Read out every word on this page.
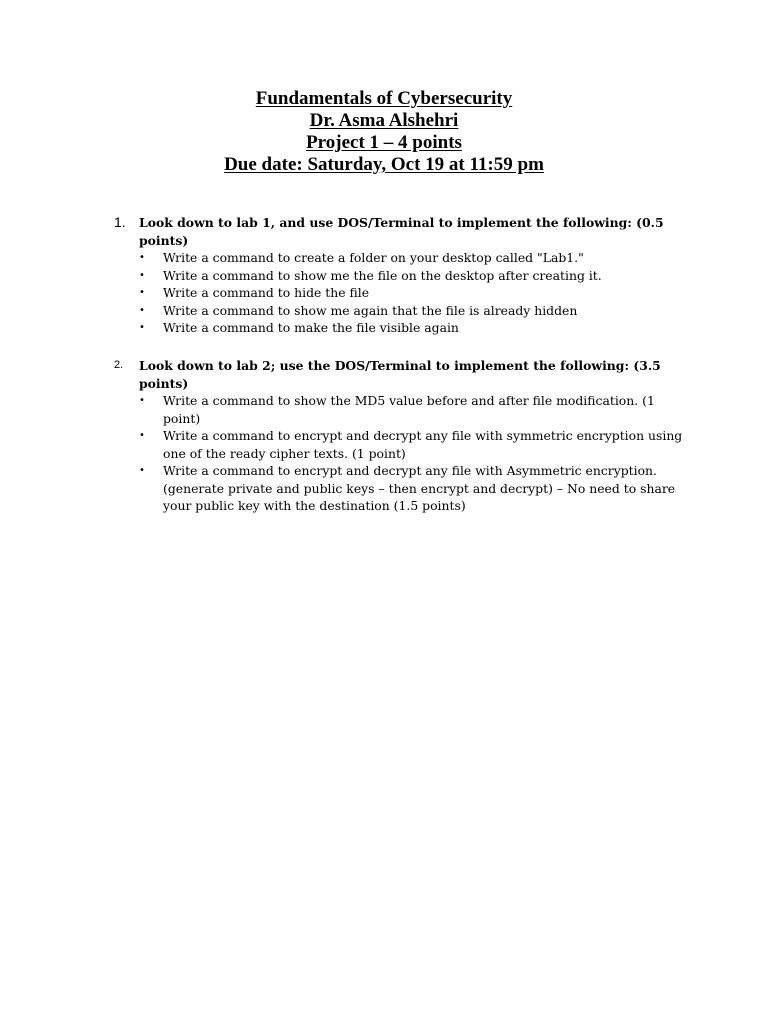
Fundamentals of Cybersecurity
Dr. Asma Alshehri
Project 1 – 4 points
Due date: Saturday, Oct 19 at 11:59 pm
1. Look down to lab 1, and use DOS/Terminal to implement the following: (0.5 points)
• Write a command to create a folder on your desktop called "Lab1."
• Write a command to show me the file on the desktop after creating it.
• Write a command to hide the file
• Write a command to show me again that the file is already hidden
• Write a command to make the file visible again
2. Look down to lab 2; use the DOS/Terminal to implement the following: (3.5 points)
• Write a command to show the MD5 value before and after file modification. (1 point)
• Write a command to encrypt and decrypt any file with symmetric encryption using one of the ready cipher texts. (1 point)
• Write a command to encrypt and decrypt any file with Asymmetric encryption. (generate private and public keys – then encrypt and decrypt) – No need to share your public key with the destination (1.5 points)
